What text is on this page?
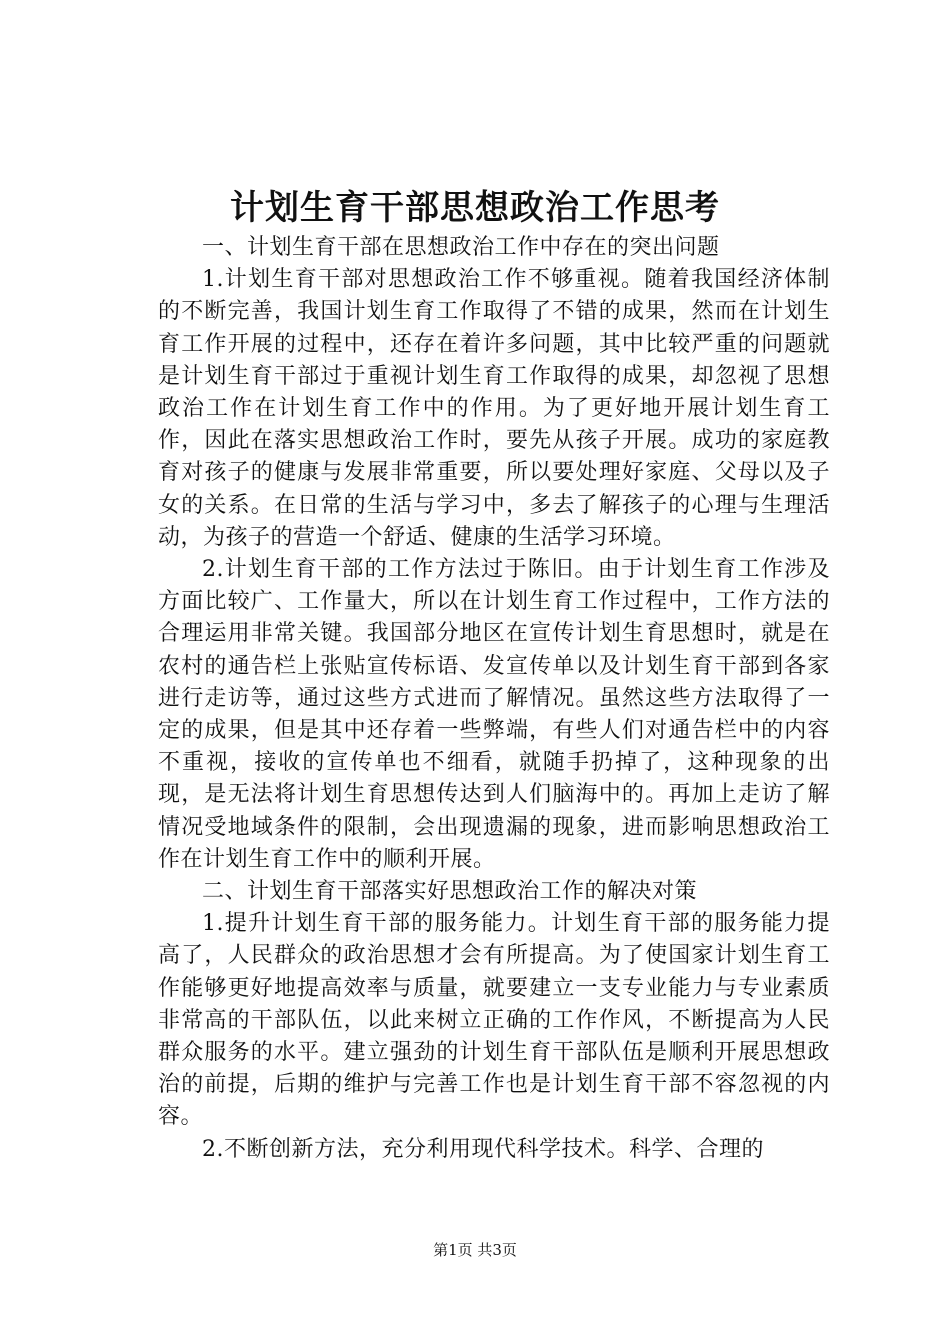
计划生育干部思想政治工作思考

一、计划生育干部在思想政治工作中存在的突出问题

1.计划生育干部对思想政治工作不够重视。随着我国经济体制的不断完善，我国计划生育工作取得了不错的成果，然而在计划生育工作开展的过程中，还存在着许多问题，其中比较严重的问题就是计划生育干部过于重视计划生育工作取得的成果，却忽视了思想政治工作在计划生育工作中的作用。为了更好地开展计划生育工作，因此在落实思想政治工作时，要先从孩子开展。成功的家庭教育对孩子的健康与发展非常重要，所以要处理好家庭、父母以及子女的关系。在日常的生活与学习中，多去了解孩子的心理与生理活动，为孩子的营造一个舒适、健康的生活学习环境。

2.计划生育干部的工作方法过于陈旧。由于计划生育工作涉及方面比较广、工作量大，所以在计划生育工作过程中，工作方法的合理运用非常关键。我国部分地区在宣传计划生育思想时，就是在农村的通告栏上张贴宣传标语、发宣传单以及计划生育干部到各家进行走访等，通过这些方式进而了解情况。虽然这些方法取得了一定的成果，但是其中还存着一些弊端，有些人们对通告栏中的内容不重视，接收的宣传单也不细看，就随手扔掉了，这种现象的出现，是无法将计划生育思想传达到人们脑海中的。再加上走访了解情况受地域条件的限制，会出现遗漏的现象，进而影响思想政治工作在计划生育工作中的顺利开展。

二、计划生育干部落实好思想政治工作的解决对策

1.提升计划生育干部的服务能力。计划生育干部的服务能力提高了，人民群众的政治思想才会有所提高。为了使国家计划生育工作能够更好地提高效率与质量，就要建立一支专业能力与专业素质非常高的干部队伍，以此来树立正确的工作作风，不断提高为人民群众服务的水平。建立强劲的计划生育干部队伍是顺利开展思想政治的前提，后期的维护与完善工作也是计划生育干部不容忽视的内容。

2.不断创新方法，充分利用现代科学技术。科学、合理的

第1页 共3页
